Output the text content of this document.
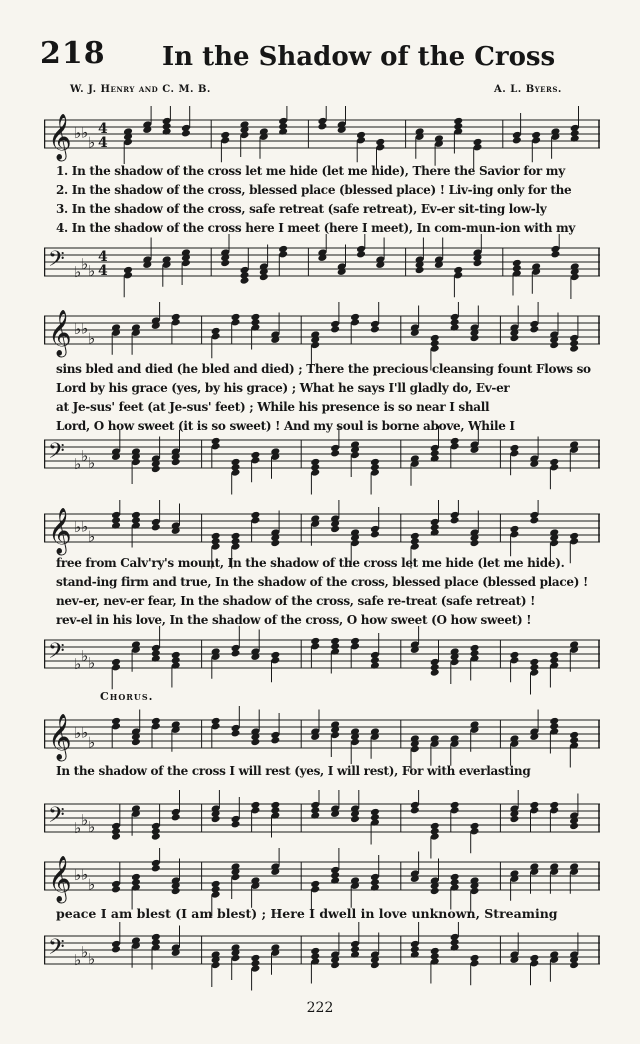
218 In the Shadow of the Cross
W. J. Henry and C. M. B.	A. L. Byers.
𝄞 ♭ ♭
♭
4
4
𝄢 ♭ ♭ ♭
4
4
1. In the shadow of the cross let me hide (let me hide), There the Savior for my
2. In the shadow of the cross, blessed place (blessed place) ! Liv-ing only for the
3. In the shadow of the cross, safe retreat (safe retreat), Ev-er sit-ting low-ly
4. In the shadow of the cross here I meet (here I meet), In com-mun-ion with my
𝄞 ♭ ♭
♭
𝄢 ♭ ♭ ♭
sins bled and died (he bled and died) ; There the precious cleansing fount Flows so
Lord by his grace (yes, by his grace) ; What he says I'll gladly do, Ev-er
at Je-sus' feet (at Je-sus' feet) ; While his presence is so near I shall
Lord, O how sweet (it is so sweet) ! And my soul is borne above, While I
𝄞 ♭ ♭
♭
𝄢 ♭ ♭ ♭
free from Calv'ry's mount, In the shadow of the cross let me hide (let me hide).
stand-ing firm and true, In the shadow of the cross, blessed place (blessed place) !
nev-er, nev-er fear, In the shadow of the cross, safe re-treat (safe retreat) !
rev-el in his love, In the shadow of the cross, O how sweet (O how sweet) !
Chorus.
𝄞 ♭ ♭
♭
𝄢 ♭ ♭ ♭
In the shadow of the cross I will rest (yes, I will rest), For with everlasting
𝄞 ♭ ♭
♭
𝄢 ♭ ♭ ♭
peace I am blest (I am blest) ; Here I dwell in love unknown, Streaming
222
